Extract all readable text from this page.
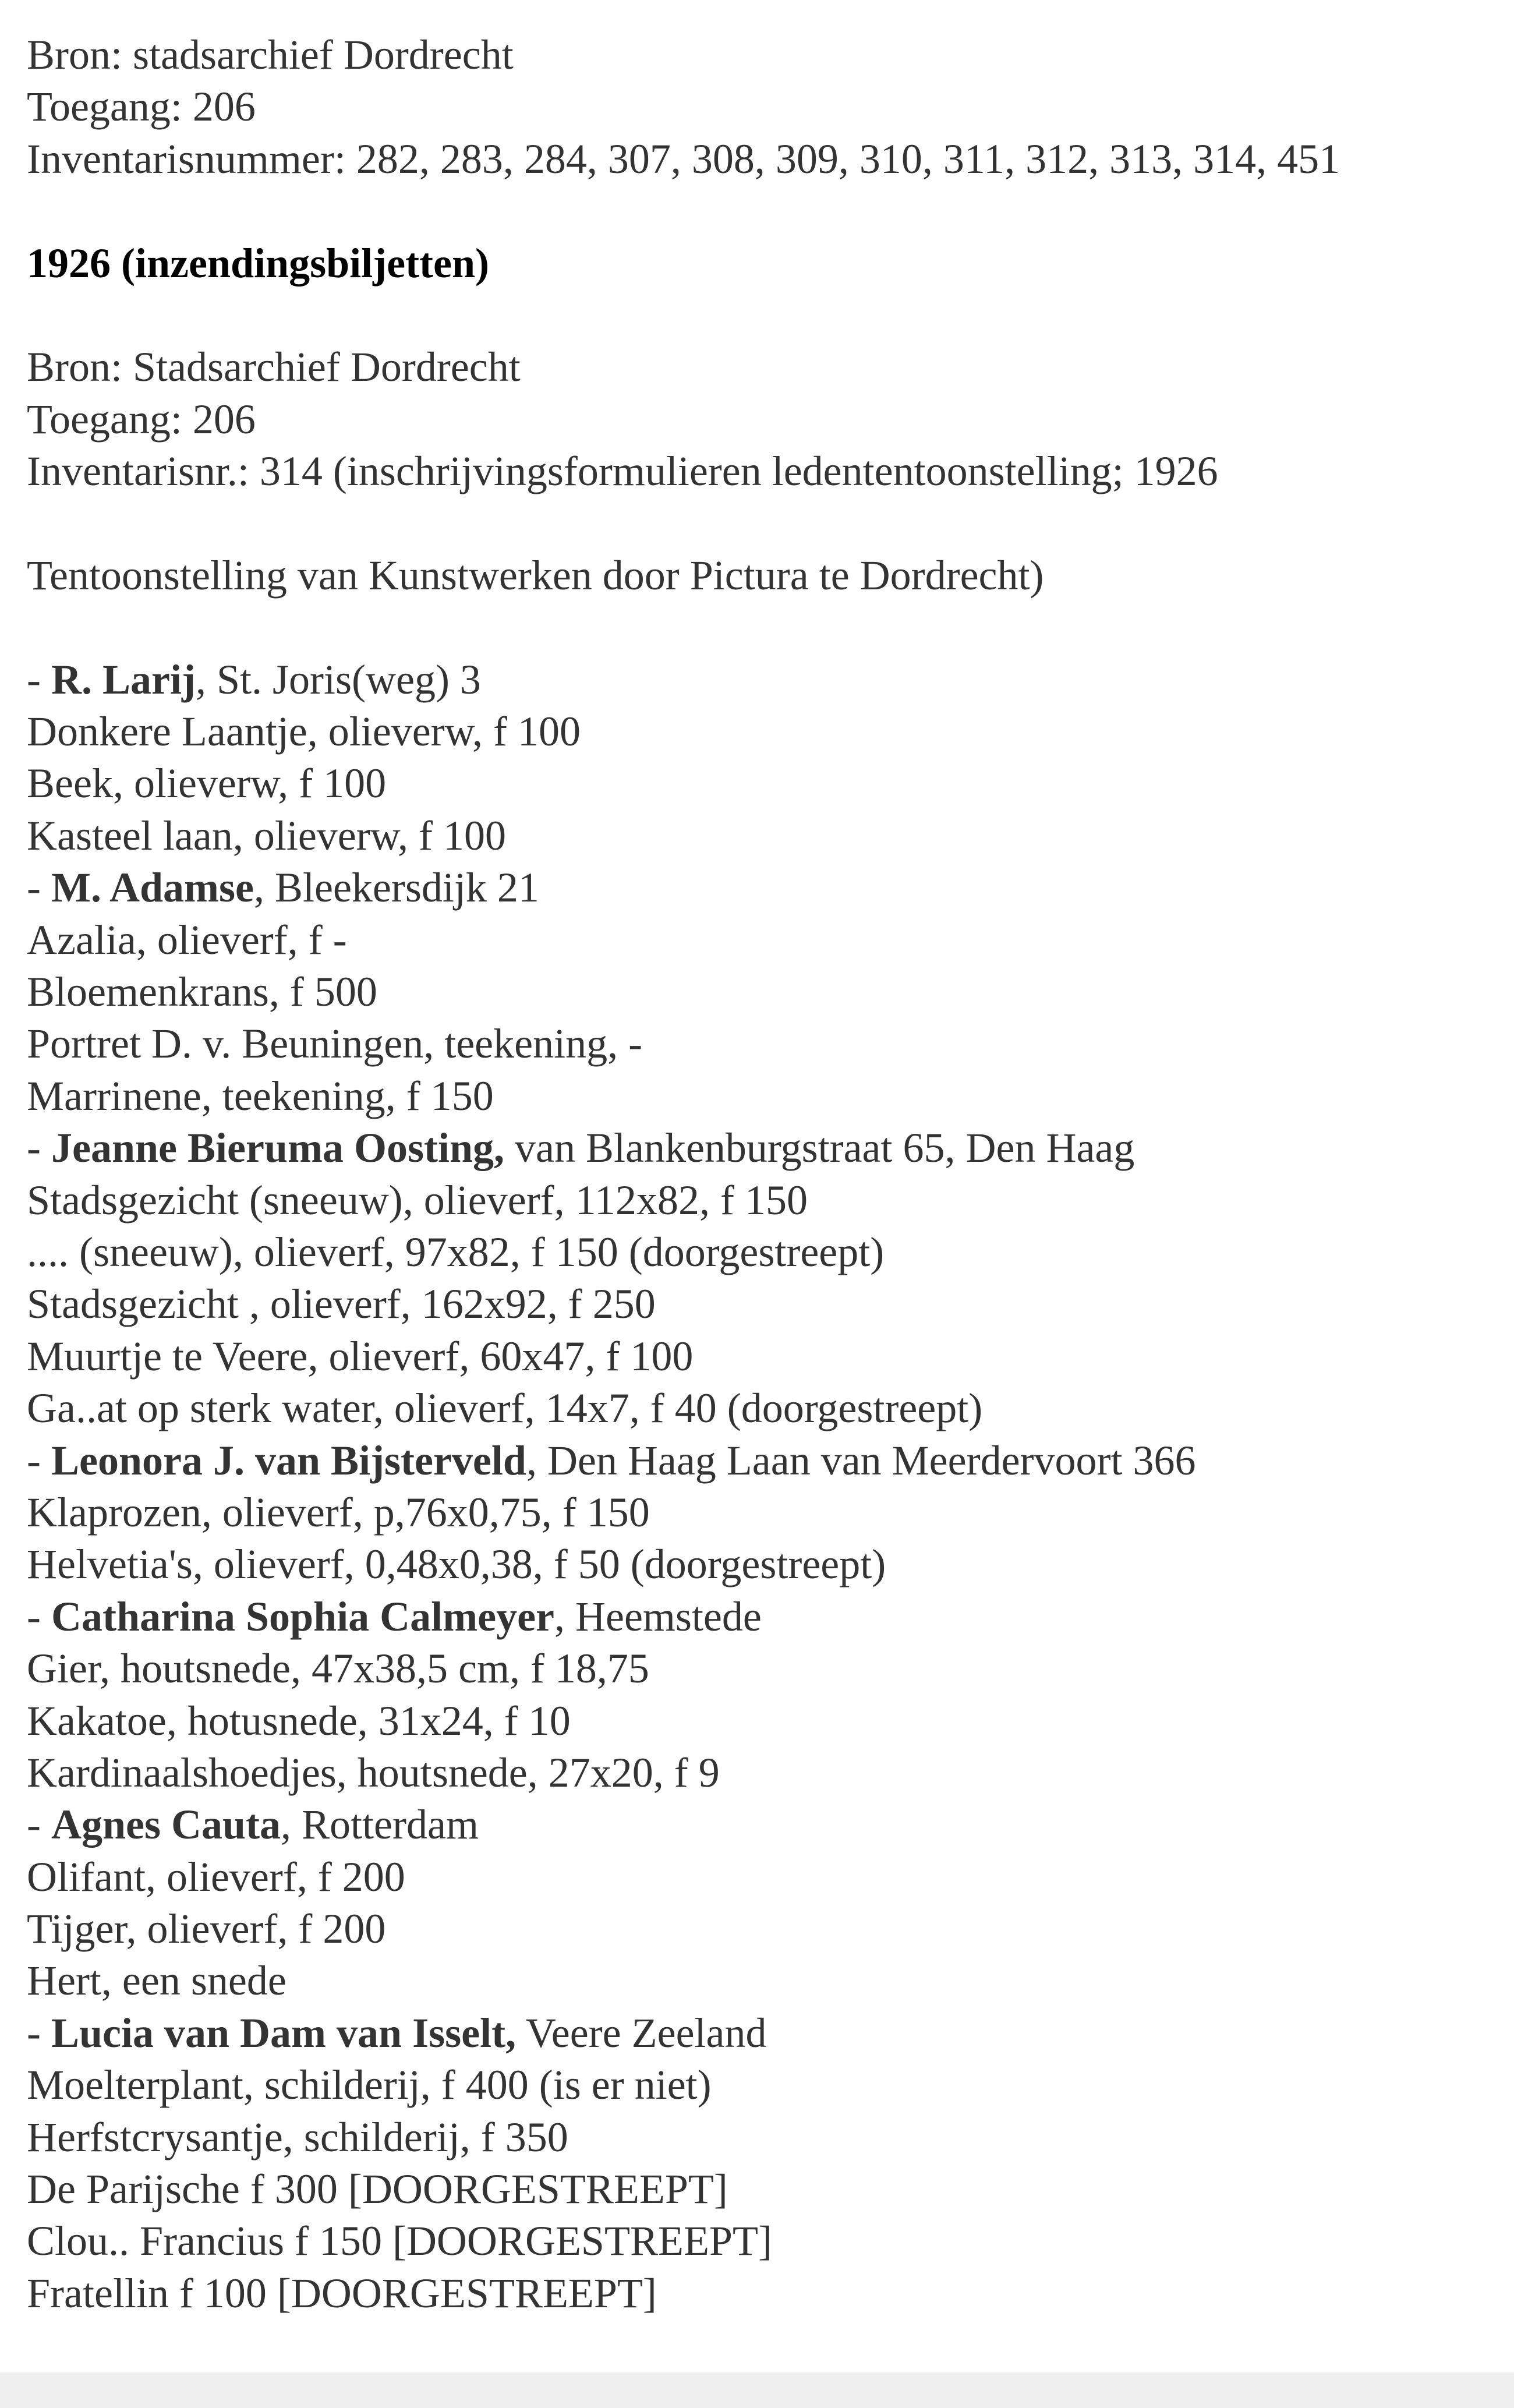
Bron: stadsarchief Dordrecht
Toegang: 206
Inventarisnummer: 282, 283, 284, 307, 308, 309, 310, 311, 312, 313, 314, 451
1926 (inzendingsbiljetten)
Bron: Stadsarchief Dordrecht
Toegang: 206
Inventarisnr.: 314 (inschrijvingsformulieren ledententoonstelling; 1926
Tentoonstelling van Kunstwerken door Pictura te Dordrecht)
- R. Larij, St. Joris(weg) 3
Donkere Laantje, olieverw, f 100
Beek, olieverw, f 100
Kasteel laan, olieverw, f 100
- M. Adamse, Bleekersdijk 21
Azalia, olieverf, f -
Bloemenkrans, f 500
Portret D. v. Beuningen, teekening, -
Marrinene, teekening, f 150
- Jeanne Bieruma Oosting, van Blankenburgstraat 65, Den Haag
Stadsgezicht (sneeuw), olieverf, 112x82, f 150
.... (sneeuw), olieverf, 97x82, f 150 (doorgestreept)
Stadsgezicht , olieverf, 162x92, f 250
Muurtje te Veere, olieverf, 60x47, f 100
Ga..at op sterk water, olieverf, 14x7, f 40 (doorgestreept)
- Leonora J. van Bijsterveld, Den Haag Laan van Meerdervoort 366
Klaprozen, olieverf, p,76x0,75, f 150
Helvetia's, olieverf, 0,48x0,38, f 50 (doorgestreept)
- Catharina Sophia Calmeyer, Heemstede
Gier, houtsnede, 47x38,5 cm, f 18,75
Kakatoe, hotusnede, 31x24, f 10
Kardinaalshoedjes, houtsnede, 27x20, f 9
- Agnes Cauta, Rotterdam
Olifant, olieverf, f 200
Tijger, olieverf, f 200
Hert, een snede
- Lucia van Dam van Isselt, Veere Zeeland
Moelterplant, schilderij, f 400 (is er niet)
Herfstcrysantje, schilderij, f 350
De Parijsche f 300 [DOORGESTREEPT]
Clou.. Francius f 150 [DOORGESTREEPT]
Fratellin f 100 [DOORGESTREEPT]
